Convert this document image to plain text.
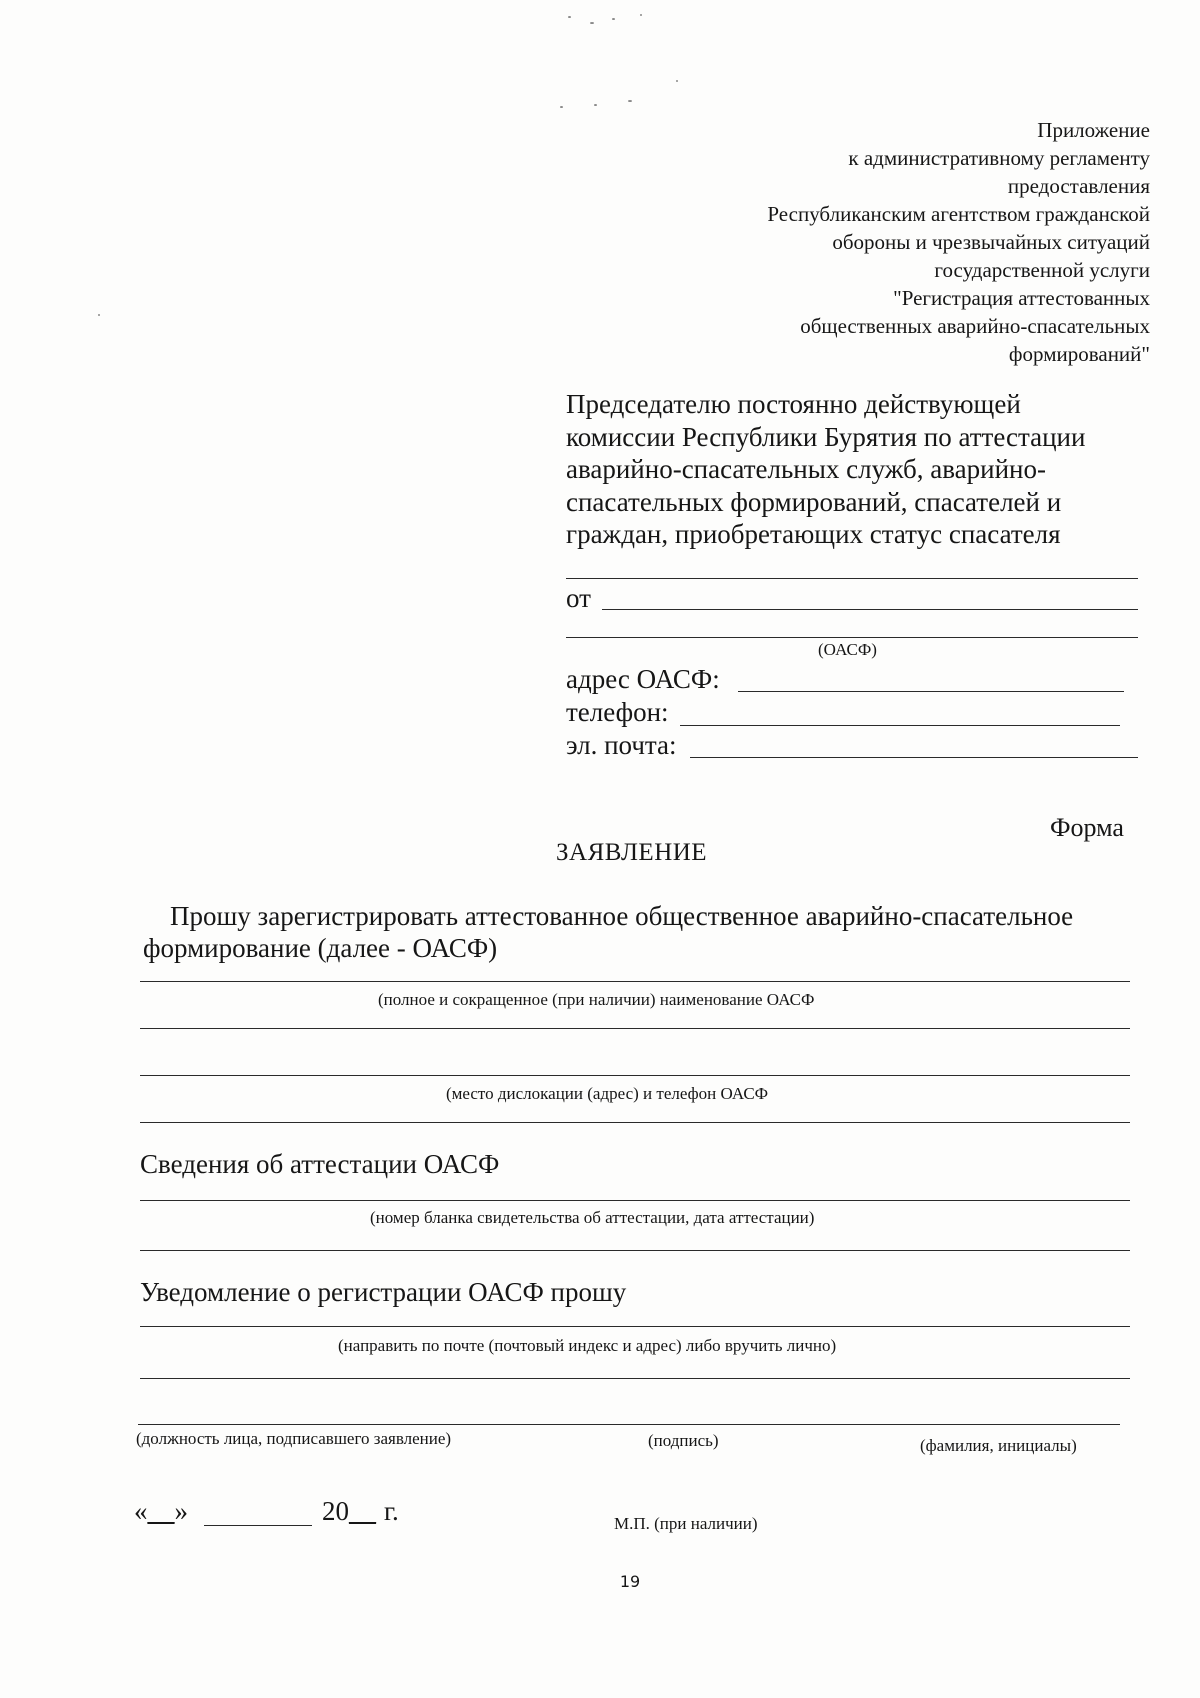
Приложение
к административному регламенту
предоставления
Республиканским агентством гражданской
обороны и чрезвычайных ситуаций
государственной услуги
"Регистрация аттестованных
общественных аварийно-спасательных
формирований"
Председателю постоянно действующей
комиссии Республики Бурятия по аттестации
аварийно-спасательных служб, аварийно-
спасательных формирований, спасателей и
граждан, приобретающих статус спасателя
от
(ОАСФ)
адрес ОАСФ:
телефон:
эл. почта:
Форма
ЗАЯВЛЕНИЕ
Прошу зарегистрировать аттестованное общественное аварийно-спасательное формирование (далее - ОАСФ)
(полное и сокращенное (при наличии) наименование ОАСФ
(место дислокации (адрес) и телефон ОАСФ
Сведения об аттестации ОАСФ
(номер бланка свидетельства об аттестации, дата аттестации)
Уведомление о регистрации ОАСФ прошу
(направить по почте (почтовый индекс и адрес) либо вручить лично)
(должность лица, подписавшего заявление)	(подпись)	(фамилия, инициалы)
«__»	20__ г.	М.П. (при наличии)
19
